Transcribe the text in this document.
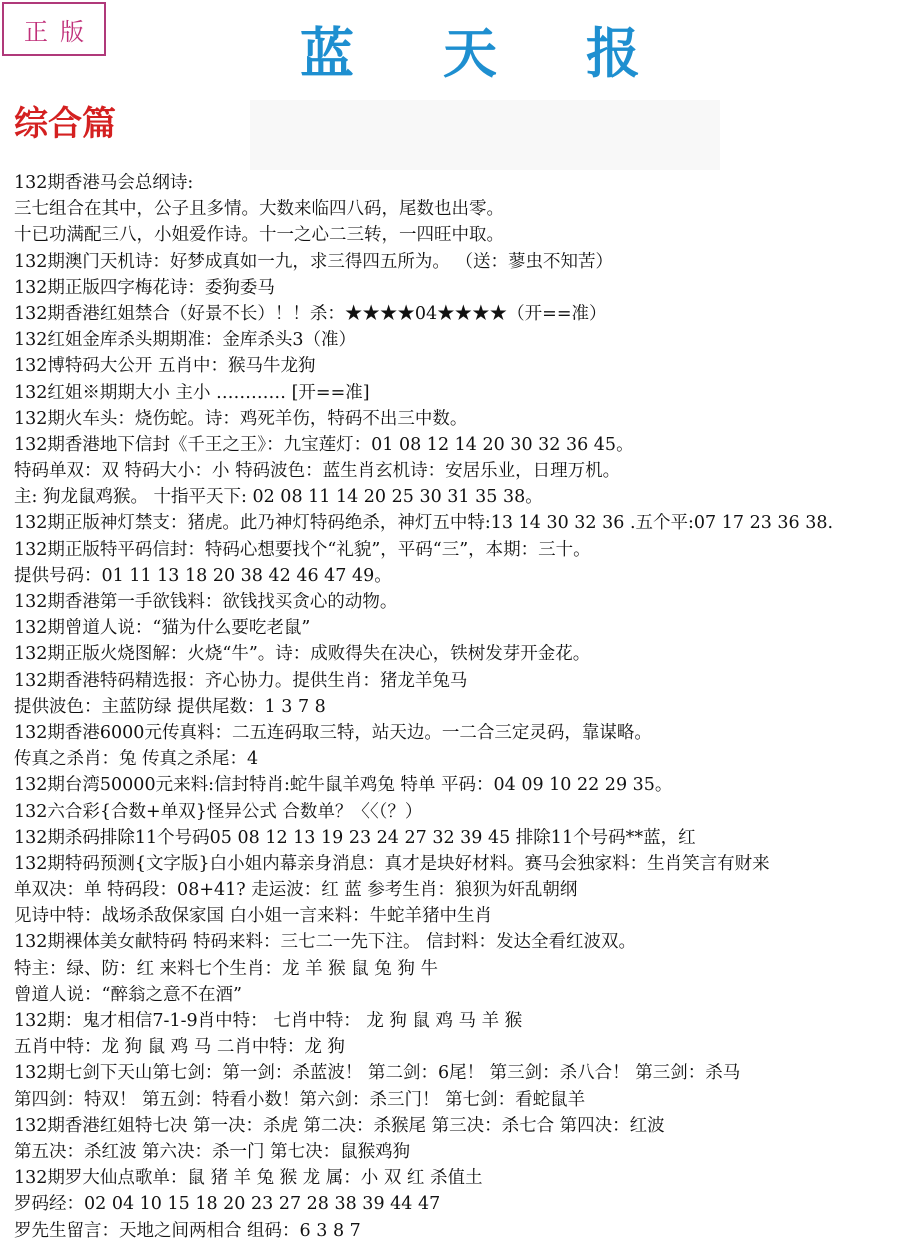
正版	蓝 天 报
综合篇
132期香港马会总纲诗:
三七组合在其中，公子且多情。大数来临四八码，尾数也出零。
十已功满配三八，小姐爱作诗。十一之心二三转，一四旺中取。
132期澳门天机诗：好梦成真如一九，求三得四五所为。 （送：蓼虫不知苦）
132期正版四字梅花诗：委狗委马
132期香港红姐禁合（好景不长）！！杀：★★★★04★★★★（开==准）
132红姐金库杀头期期准：金库杀头3（准）
132博特码大公开 五肖中：猴马牛龙狗
132红姐※期期大小 主小 ………… [开==准]
132期火车头：烧伤蛇。诗：鸡死羊伤，特码不出三中数。
132期香港地下信封《千王之王》：九宝莲灯：01 08 12 14 20 30 32 36 45。
特码单双：双 特码大小：小 特码波色：蓝生肖玄机诗：安居乐业，日理万机。
主: 狗龙鼠鸡猴。 十指平天下: 02 08 11 14 20 25 30 31 35 38。
132期正版神灯禁支：猪虎。此乃神灯特码绝杀，神灯五中特:13 14 30 32 36 .五个平:07 17 23 36 38.
132期正版特平码信封：特码心想要找个“礼貌”，平码“三”，本期：三十。
提供号码：01 11 13 18 20 38 42 46 47 49。
132期香港第一手欲钱料：欲钱找买贪心的动物。
132期曾道人说：“猫为什么要吃老鼠”
132期正版火烧图解：火烧“牛”。诗：成败得失在决心，铁树发芽开金花。
132期香港特码精选报：齐心协力。提供生肖：猪龙羊兔马
提供波色：主蓝防绿 提供尾数：1 3 7 8
132期香港6000元传真料：二五连码取三特，站天边。一二合三定灵码，靠谋略。
传真之杀肖：兔 传真之杀尾：4
132期台湾50000元来料:信封特肖:蛇牛鼠羊鸡兔 特单 平码：04 09 10 22 29 35。
132六合彩{合数+单双}怪异公式 合数单？〈〈（？）
132期杀码排除11个号码05 08 12 13 19 23 24 27 32 39 45 排除11个号码**蓝，红
132期特码预测{文字版}白小姐内幕亲身消息：真才是块好材料。赛马会独家料：生肖笑言有财来
单双决：单 特码段：08+41? 走运波：红 蓝 参考生肖：狼狈为奸乱朝纲
见诗中特：战场杀敌保家国 白小姐一言来料：牛蛇羊猪中生肖
132期裸体美女献特码 特码来料：三七二一先下注。 信封料：发达全看红波双。
特主：绿、防：红 来料七个生肖：龙 羊 猴 鼠 兔 狗 牛
曾道人说：“醉翁之意不在酒”
132期：鬼才相信7-1-9肖中特： 七肖中特： 龙 狗 鼠 鸡 马 羊 猴
五肖中特：龙 狗 鼠 鸡 马 二肖中特：龙 狗
132期七剑下天山第七剑：第一剑：杀蓝波！ 第二剑：6尾！ 第三剑：杀八合！ 第三剑：杀马
第四剑：特双！ 第五剑：特看小数！第六剑：杀三门！ 第七剑：看蛇鼠羊
132期香港红姐特七决 第一决：杀虎 第二决：杀猴尾 第三决：杀七合 第四决：红波
第五决：杀红波 第六决：杀一门 第七决：鼠猴鸡狗
132期罗大仙点歌单：鼠 猪 羊 兔 猴 龙 属：小 双 红 杀值土
罗码经：02 04 10 15 18 20 23 27 28 38 39 44 47
罗先生留言：天地之间两相合 组码：6 3 8 7
